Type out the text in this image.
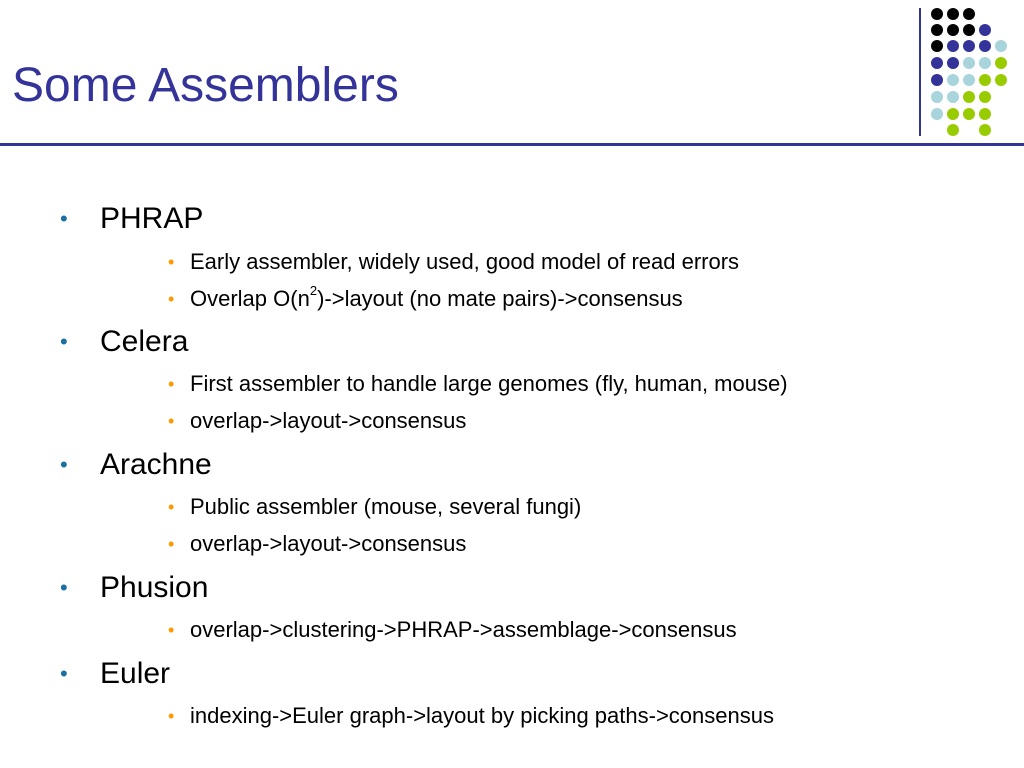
Some Assemblers
• PHRAP
• Early assembler, widely used, good model of read errors
• Overlap $O(n^2)->layout$ (no mate pairs)->consensus
• Celera
• First assembler to handle large genomes (fly, human, mouse)
• overlap->layout->consensus
• Arachne
• Public assembler (mouse, several fungi)
• overlap->layout->consensus
• Phusion
• overlap->clustering->PHRAP->assemblage->consensus
• Euler
• indexing->Euler graph->layout by picking paths->consensus
